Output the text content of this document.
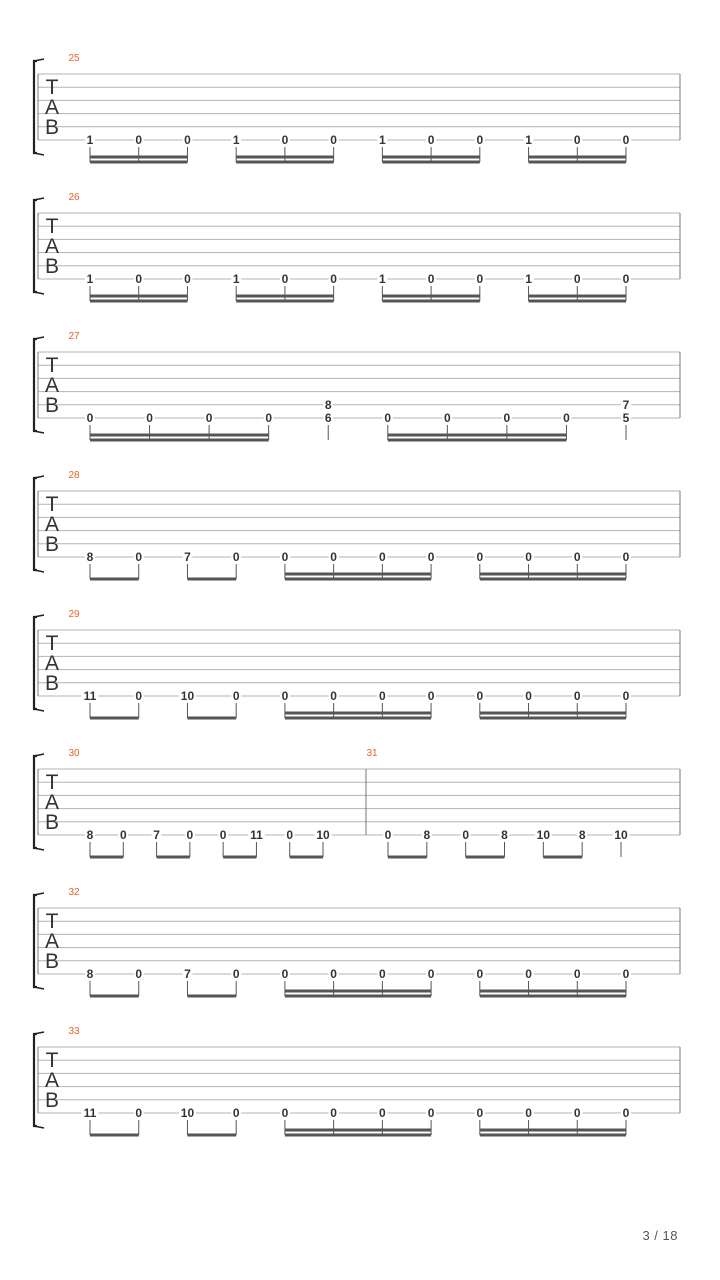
T
A
B
25
1	0	0	1	0	0	1	0	0	1	0	0
T
A
B
26
1	0	0	1	0	0	1	0	0	1	0	0
T
A
B
27
0	0	0	0
8
6	0	0	0	0
7
5
T
A
B
28
8	0	7	0	0	0	0	0	0	0	0	0
T
A
B
29
11	0	10	0	0	0	0	0	0	0	0	0
T
A
B
30
8 0 7 0 0 11 0 10
31
0	8	0	8 10 8 10
T
A
B
32
8	0	7	0	0	0	0	0	0	0	0	0
T
A
B
33
11	0	10	0	0	0	0	0	0	0	0	0
3 / 18
